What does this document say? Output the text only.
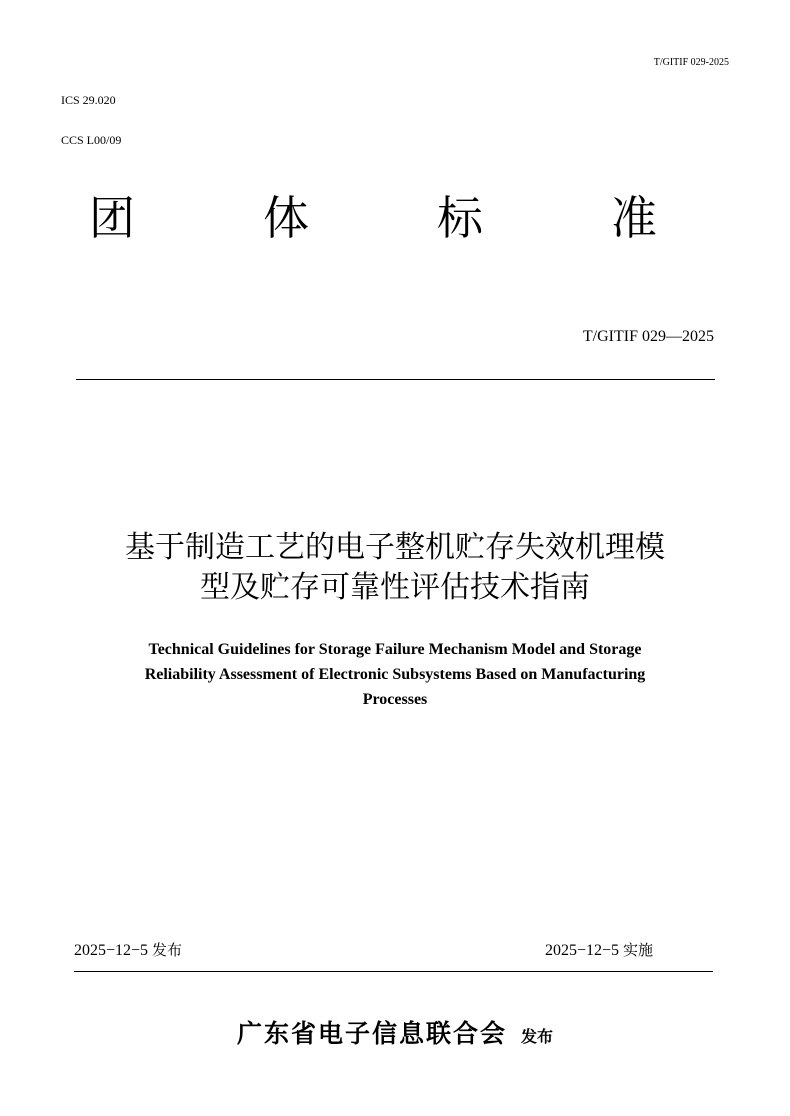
T/GITIF 029-2025
ICS 29.020
CCS L00/09
团	体	标	准
T/GITIF 029—2025
基于制造工艺的电子整机贮存失效机理模
型及贮存可靠性评估技术指南
Technical Guidelines for Storage Failure Mechanism Model and Storage
Reliability Assessment of Electronic Subsystems Based on Manufacturing
Processes
2025−12−5 发布	2025−12−5 实施
广东省电子信息联合会 发布
